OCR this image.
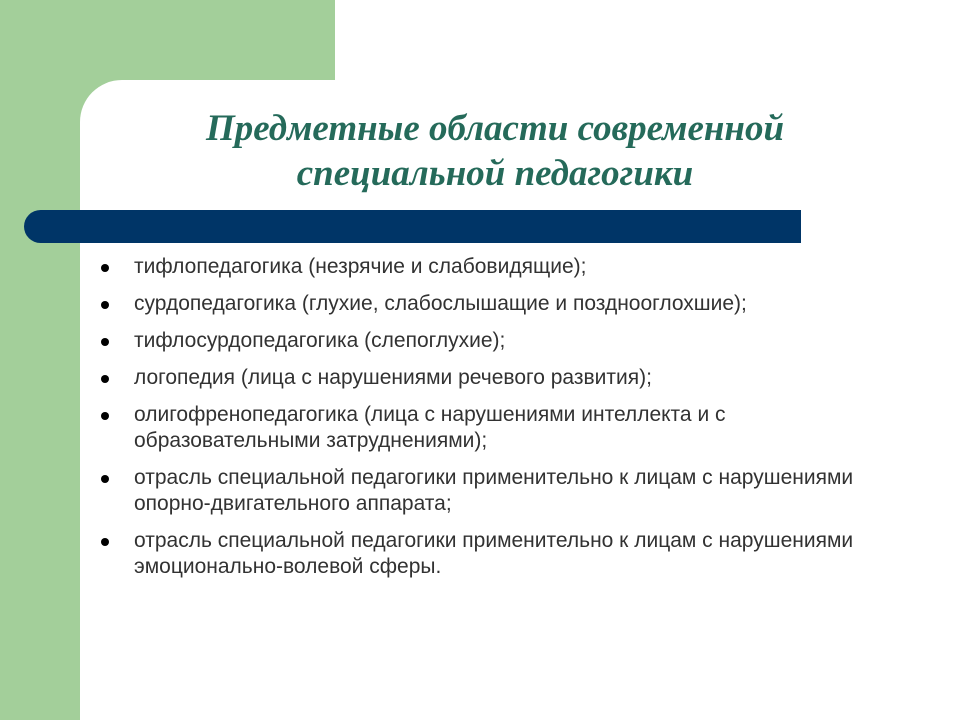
Предметные области современной
специальной педагогики
тифлопедагогика (незрячие и слабовидящие);
сурдопедагогика (глухие, слабослышащие и позднооглохшие);
тифлосурдопедагогика (слепоглухие);
логопедия (лица с нарушениями речевого развития);
олигофренопедагогика (лица с нарушениями интеллекта и с образовательными затруднениями);
отрасль специальной педагогики применительно к лицам с нарушениями опорно-двигательного аппарата;
отрасль специальной педагогики применительно к лицам с нарушениями эмоционально-волевой сферы.
